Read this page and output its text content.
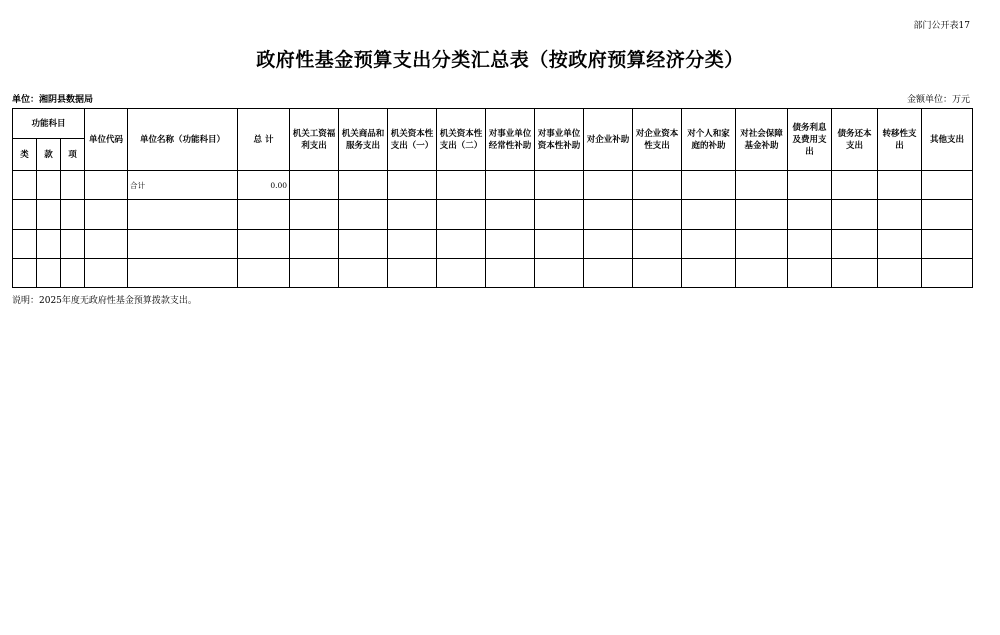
部门公开表17
政府性基金预算支出分类汇总表（按政府预算经济分类）
单位：湘阴县数据局	金额单位：万元
功能科目			单位代码	单位名称（功能科目）	总 计	机关工资福利支出	机关商品和服务支出	机关资本性支出（一）	机关资本性支出（二）	对事业单位经常性补助	对事业单位资本性补助	对企业补助	对企业资本性支出	对个人和家庭的补助	对社会保障基金补助	债务利息及费用支出	债务还本支出	转移性支出	其他支出
类	款	项																	
				合计	0.00														

说明：2025年度无政府性基金预算拨款支出。
